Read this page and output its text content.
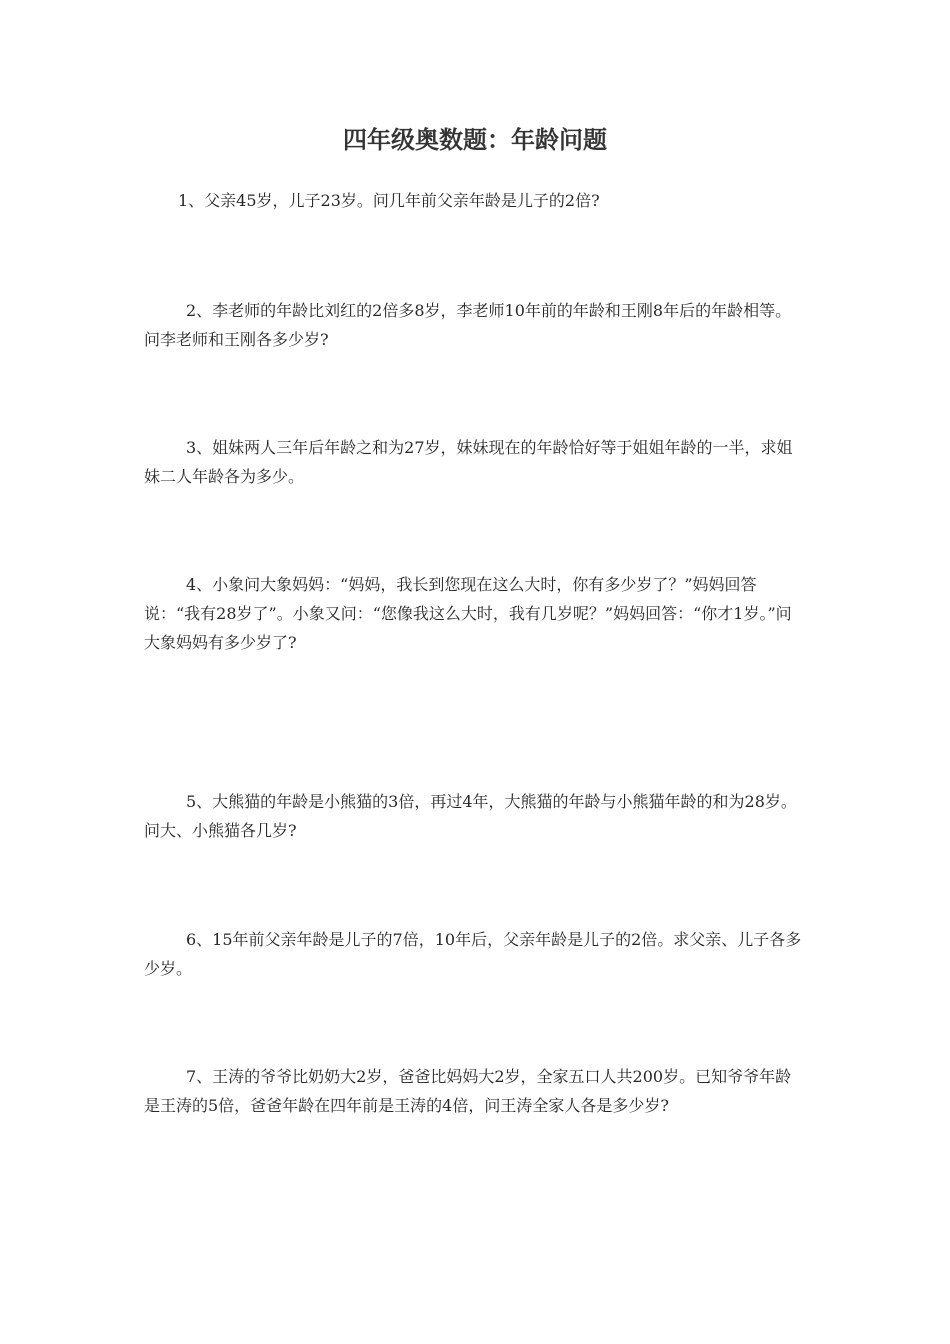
四年级奥数题：年龄问题

1、父亲45岁，儿子23岁。问几年前父亲年龄是儿子的2倍?

2、李老师的年龄比刘红的2倍多8岁，李老师10年前的年龄和王刚8年后的年龄相等。问李老师和王刚各多少岁?

3、姐妹两人三年后年龄之和为27岁，妹妹现在的年龄恰好等于姐姐年龄的一半，求姐妹二人年龄各为多少。

4、小象问大象妈妈：“妈妈，我长到您现在这么大时，你有多少岁了？”妈妈回答说：“我有28岁了”。小象又问：“您像我这么大时，我有几岁呢？”妈妈回答：“你才1岁。”问大象妈妈有多少岁了?

5、大熊猫的年龄是小熊猫的3倍，再过4年，大熊猫的年龄与小熊猫年龄的和为28岁。问大、小熊猫各几岁?

6、15年前父亲年龄是儿子的7倍，10年后，父亲年龄是儿子的2倍。求父亲、儿子各多少岁。

7、王涛的爷爷比奶奶大2岁，爸爸比妈妈大2岁，全家五口人共200岁。已知爷爷年龄是王涛的5倍，爸爸年龄在四年前是王涛的4倍，问王涛全家人各是多少岁?
